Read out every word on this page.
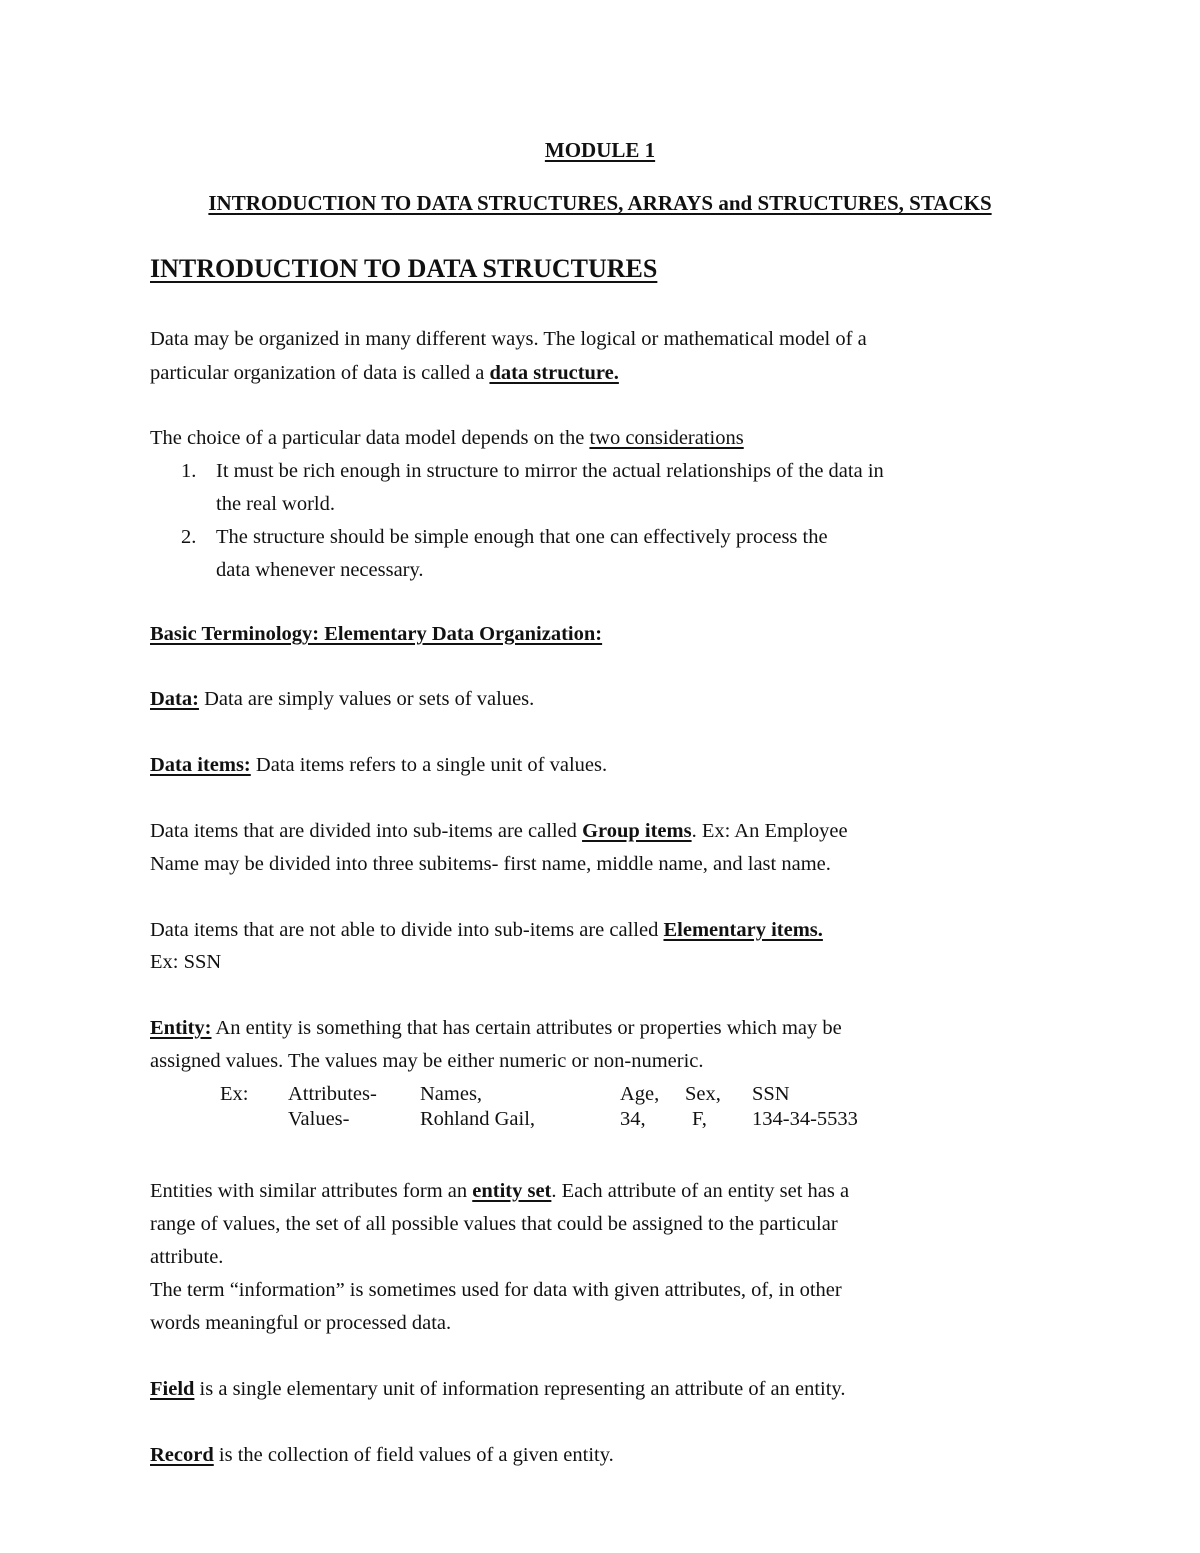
MODULE 1
INTRODUCTION TO DATA STRUCTURES, ARRAYS and STRUCTURES, STACKS
INTRODUCTION TO DATA STRUCTURES
Data may be organized in many different ways. The logical or mathematical model of a
particular organization of data is called a data structure.
The choice of a particular data model depends on the two considerations
1. It must be rich enough in structure to mirror the actual relationships of the data in
the real world.
2. The structure should be simple enough that one can effectively process the
data whenever necessary.
Basic Terminology: Elementary Data Organization:
Data: Data are simply values or sets of values.
Data items: Data items refers to a single unit of values.
Data items that are divided into sub-items are called Group items. Ex: An Employee
Name may be divided into three subitems- first name, middle name, and last name.
Data items that are not able to divide into sub-items are called Elementary items.
Ex: SSN
Entity: An entity is something that has certain attributes or properties which may be
assigned values. The values may be either numeric or non-numeric.
Ex: Attributes- Names,	Age, Sex, SSN
Values-	Rohland Gail,	34, F, 134-34-5533
Entities with similar attributes form an entity set. Each attribute of an entity set has a
range of values, the set of all possible values that could be assigned to the particular
attribute.
The term “information” is sometimes used for data with given attributes, of, in other
words meaningful or processed data.
Field is a single elementary unit of information representing an attribute of an entity.
Record is the collection of field values of a given entity.
